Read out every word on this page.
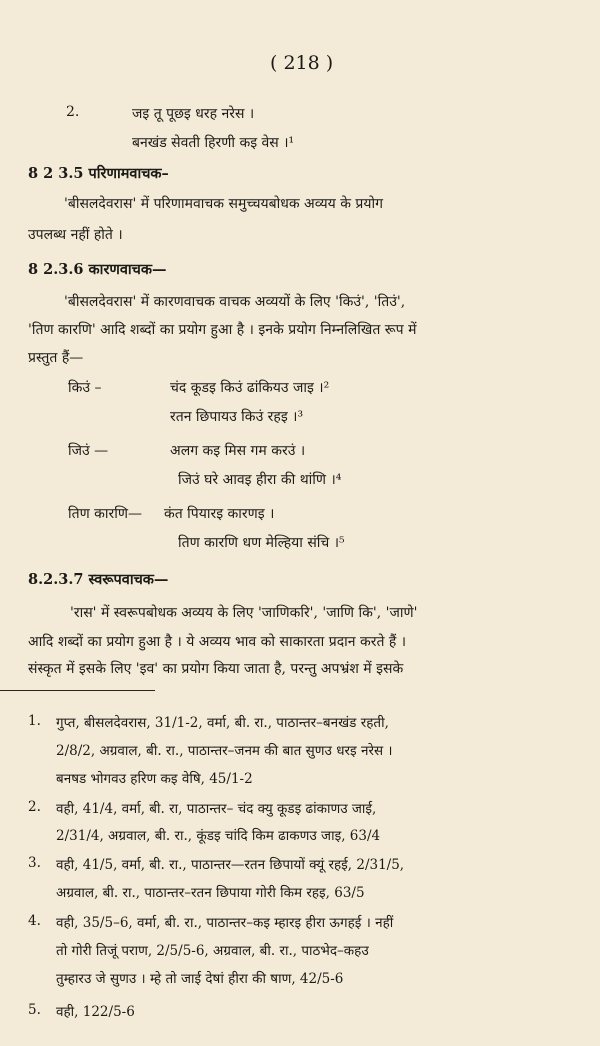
( 218 )
2.	जइ तू पूछइ धरह नरेस ।
बनखंड सेवती हिरणी कइ वेस ।¹
8 2 3.5 परिणामवाचक–
'बीसलदेवरास' में परिणामवाचक समुच्चयबोधक अव्यय के प्रयोग
उपलब्ध नहीं होते ।
8 2.3.6 कारणवाचक—
'बीसलदेवरास' में कारणवाचक वाचक अव्ययों के लिए 'किउं', 'तिउं',
'तिण कारणि' आदि शब्दों का प्रयोग हुआ है । इनके प्रयोग निम्नलिखित रूप में
प्रस्तुत हैं—
किउं –	चंद कूडइ किउं ढांकियउ जाइ ।²
रतन छिपायउ किउं रहइ ।³
जिउं —	अलग कइ मिस गम करउं ।
जिउं घरे आवइ हीरा की थांणि ।⁴
तिण कारणि— कंत पियारइ कारणइ ।
तिण कारणि धण मेल्हिया संचि ।⁵
8.2.3.7 स्वरूपवाचक—
'रास' में स्वरूपबोधक अव्यय के लिए 'जाणिकरि', 'जाणि कि', 'जाणे'
आदि शब्दों का प्रयोग हुआ है । ये अव्यय भाव को साकारता प्रदान करते हैं ।
संस्कृत में इसके लिए 'इव' का प्रयोग किया जाता है, परन्तु अपभ्रंश में इसके
1. गुप्त, बीसलदेवरास, 31/1-2, वर्मा, बी. रा., पाठान्तर–बनखंड रहती,
2/8/2, अग्रवाल, बी. रा., पाठान्तर–जनम की बात सुणउ धरइ नरेस ।
बनषड भोगवउ हरिण कइ वेषि, 45/1-2
2. वही, 41/4, वर्मा, बी. रा, पाठान्तर– चंद क्यु कूडइ ढांकाणउ जाई,
2/31/4, अग्रवाल, बी. रा., कूंडइ चांदि किम ढाकणउ जाइ, 63/4
3. वही, 41/5, वर्मा, बी. रा., पाठान्तर—रतन छिपायों क्यूं रहई, 2/31/5,
अग्रवाल, बी. रा., पाठान्तर–रतन छिपाया गोरी किम रहइ, 63/5
4. वही, 35/5–6, वर्मा, बी. रा., पाठान्तर–कइ म्हारइ हीरा ऊगहई । नहीं
तो गोरी तिजूं पराण, 2/5/5-6, अग्रवाल, बी. रा., पाठभेद–कहउ
तुम्हारउ जे सुणउ । म्हे तो जाई देषां हीरा की षाण, 42/5-6
5. वही, 122/5-6
